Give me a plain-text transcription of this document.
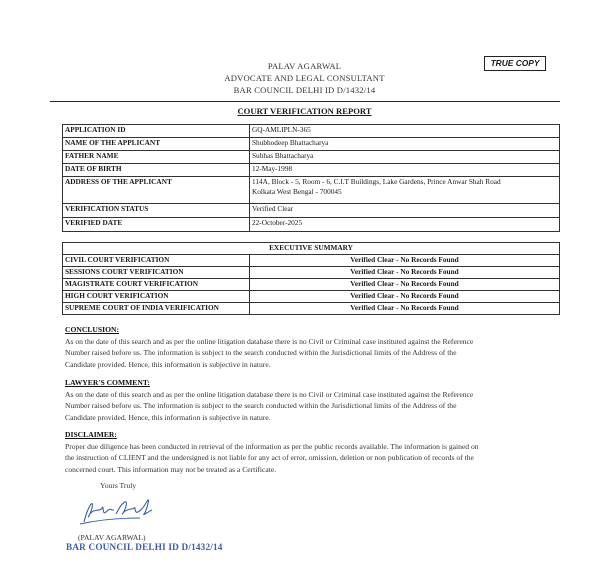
PALAV AGARWAL
ADVOCATE AND LEGAL CONSULTANT
BAR COUNCIL DELHI ID D/1432/14
TRUE COPY
COURT VERIFICATION REPORT
APPLICATION ID	GQ-AMLIPLN-365
NAME OF THE APPLICANT	Shubhodeep Bhattacharya
FATHER NAME	Subhas Bhattacharya
DATE OF BIRTH	12-May-1998
ADDRESS OF THE APPLICANT	114A, Block - 5, Room - 6, C.I.T Buildings, Lake Gardens, Prince Anwar Shah Road
Kolkata West Bengal - 700045

VERIFICATION STATUS	Verified Clear
VERIFIED DATE	22-October-2025
EXECUTIVE SUMMARY	
CIVIL COURT VERIFICATION	Verified Clear - No Records Found
SESSIONS COURT VERIFICATION	Verified Clear - No Records Found
MAGISTRATE COURT VERIFICATION	Verified Clear - No Records Found
HIGH COURT VERIFICATION	Verified Clear - No Records Found
SUPREME COURT OF INDIA VERIFICATION	Verified Clear - No Records Found
CONCLUSION:
As on the date of this search and as per the online litigation database there is no Civil or Criminal case instituted against the Reference
Number raised before us. The information is subject to the search conducted within the Jurisdictional limits of the Address of the
Candidate provided. Hence, this information is subjective in nature.
LAWYER'S COMMENT:
As on the date of this search and as per the online litigation database there is no Civil or Criminal case instituted against the Reference
Number raised before us. The information is subject to the search conducted within the Jurisdictional limits of the Address of the
Candidate provided. Hence, this information is subjective in nature.
DISCLAIMER:
Proper due diligence has been conducted in retrieval of the information as per the public records available. The information is gained on
the instruction of CLIENT and the undersigned is not liable for any act of error, omission, deletion or non publication of records of the
concerned court. This information may not be treated as a Certificate.
Yours Truly
(PALAV AGARWAL)
BAR COUNCIL DELHI ID D/1432/14
